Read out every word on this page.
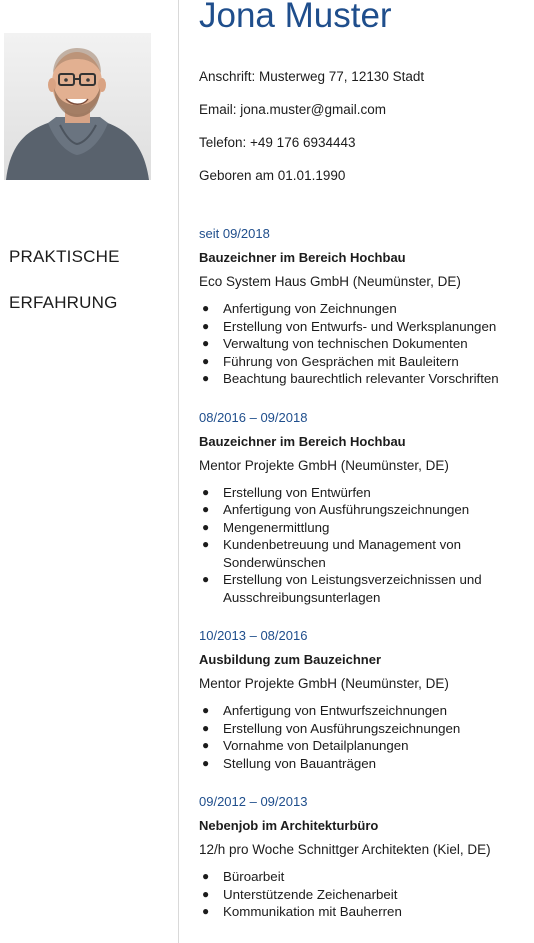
Jona Muster
Anschrift: Musterweg 77, 12130 Stadt
Email: jona.muster@gmail.com
Telefon: +49 176 6934443
Geboren am 01.01.1990

PRAKTISCHE

ERFAHRUNG

seit 09/2018
Bauzeichner im Bereich Hochbau
Eco System Haus GmbH (Neumünster, DE)
● Anfertigung von Zeichnungen
● Erstellung von Entwurfs- und Werksplanungen
● Verwaltung von technischen Dokumenten
● Führung von Gesprächen mit Bauleitern
● Beachtung baurechtlich relevanter Vorschriften
08/2016 – 09/2018
Bauzeichner im Bereich Hochbau
Mentor Projekte GmbH (Neumünster, DE)
● Erstellung von Entwürfen
● Anfertigung von Ausführungszeichnungen
● Mengenermittlung
● Kundenbetreuung und Management von Sonderwünschen
● Erstellung von Leistungsverzeichnissen und Ausschreibungsunterlagen
10/2013 – 08/2016
Ausbildung zum Bauzeichner
Mentor Projekte GmbH (Neumünster, DE)
● Anfertigung von Entwurfszeichnungen
● Erstellung von Ausführungszeichnungen
● Vornahme von Detailplanungen
● Stellung von Bauanträgen
09/2012 – 09/2013
Nebenjob im Architekturbüro
12/h pro Woche Schnittger Architekten (Kiel, DE)
● Büroarbeit
● Unterstützende Zeichenarbeit
● Kommunikation mit Bauherren
